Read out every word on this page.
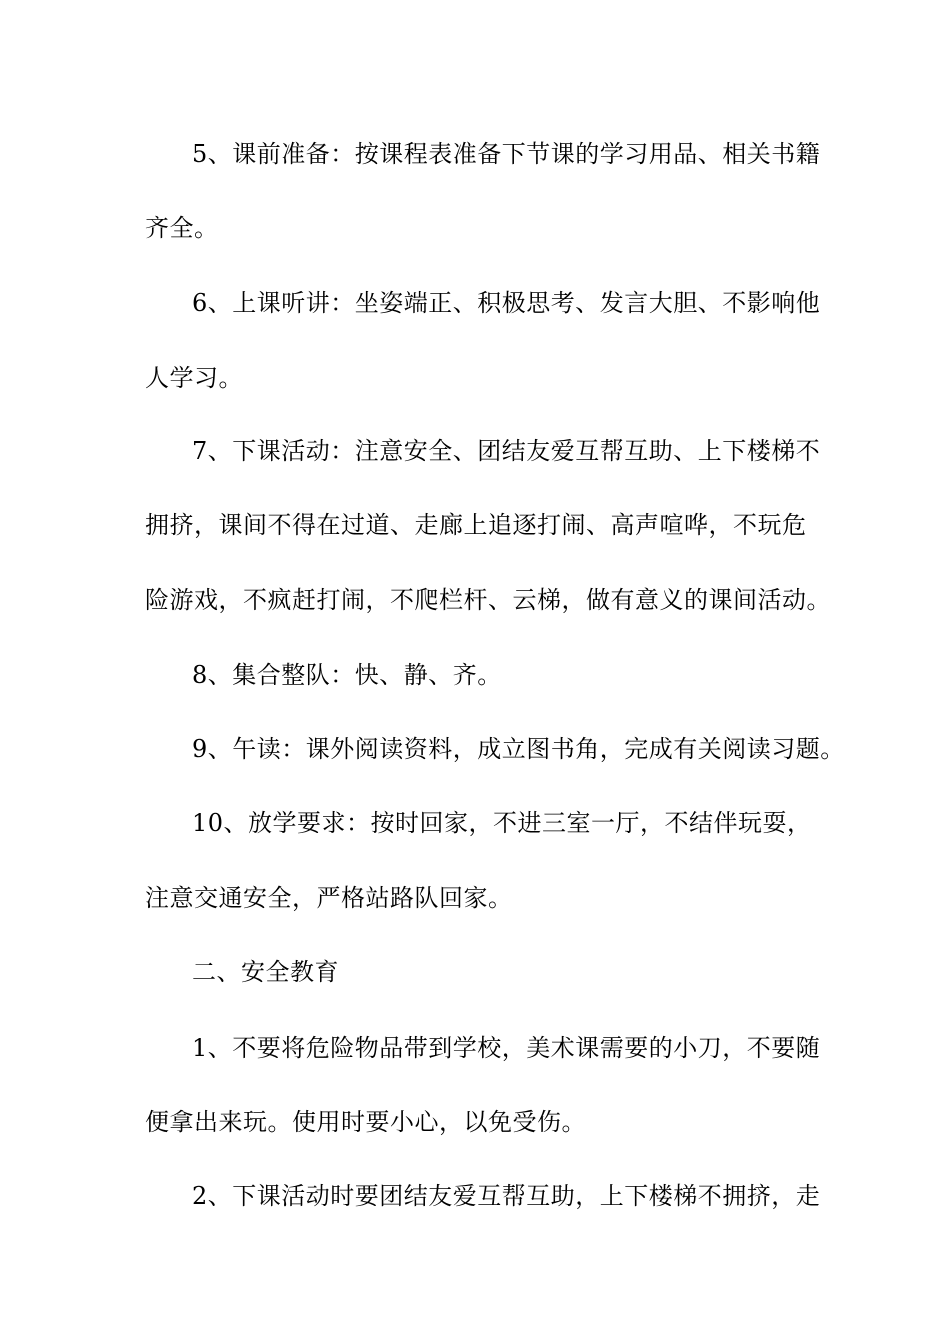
5、课前准备：按课程表准备下节课的学习用品、相关书籍
齐全。
6、上课听讲：坐姿端正、积极思考、发言大胆、不影响他
人学习。
7、下课活动：注意安全、团结友爱互帮互助、上下楼梯不
拥挤，课间不得在过道、走廊上追逐打闹、高声喧哗，不玩危
险游戏，不疯赶打闹，不爬栏杆、云梯，做有意义的课间活动。
8、集合整队：快、静、齐。
9、午读：课外阅读资料，成立图书角，完成有关阅读习题。
10、放学要求：按时回家，不进三室一厅，不结伴玩耍，
注意交通安全，严格站路队回家。
二、安全教育
1、不要将危险物品带到学校，美术课需要的小刀，不要随
便拿出来玩。使用时要小心，以免受伤。
2、下课活动时要团结友爱互帮互助，上下楼梯不拥挤，走
